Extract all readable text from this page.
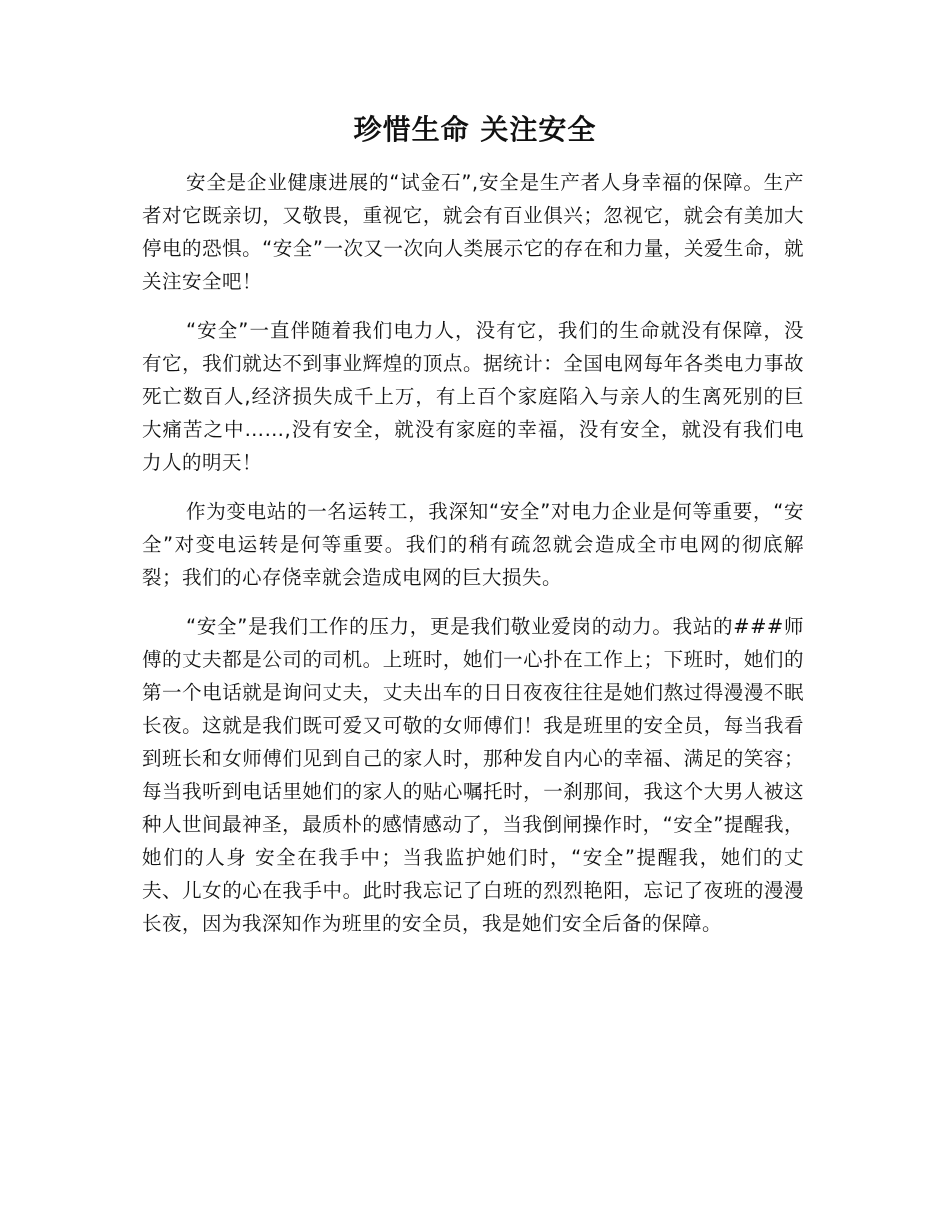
珍惜生命 关注安全

安全是企业健康进展的“试金石”,安全是生产者人身幸福的保障。生产者对它既亲切，又敬畏，重视它，就会有百业俱兴；忽视它，就会有美加大停电的恐惧。“安全”一次又一次向人类展示它的存在和力量，关爱生命，就关注安全吧！

“安全”一直伴随着我们电力人，没有它，我们的生命就没有保障，没有它，我们就达不到事业辉煌的顶点。据统计：全国电网每年各类电力事故死亡数百人,经济损失成千上万，有上百个家庭陷入与亲人的生离死别的巨大痛苦之中……,没有安全，就没有家庭的幸福，没有安全，就没有我们电力人的明天！

作为变电站的一名运转工，我深知“安全”对电力企业是何等重要，“安全”对变电运转是何等重要。我们的稍有疏忽就会造成全市电网的彻底解裂；我们的心存侥幸就会造成电网的巨大损失。

“安全”是我们工作的压力，更是我们敬业爱岗的动力。我站的###师傅的丈夫都是公司的司机。上班时，她们一心扑在工作上；下班时，她们的第一个电话就是询问丈夫，丈夫出车的日日夜夜往往是她们熬过得漫漫不眠长夜。这就是我们既可爱又可敬的女师傅们！我是班里的安全员，每当我看到班长和女师傅们见到自己的家人时，那种发自内心的幸福、满足的笑容；每当我听到电话里她们的家人的贴心嘱托时，一刹那间，我这个大男人被这种人世间最神圣，最质朴的感情感动了，当我倒闸操作时，“安全”提醒我，她们的人身 安全在我手中；当我监护她们时，“安全”提醒我，她们的丈夫、儿女的心在我手中。此时我忘记了白班的烈烈艳阳，忘记了夜班的漫漫长夜，因为我深知作为班里的安全员，我是她们安全后备的保障。
